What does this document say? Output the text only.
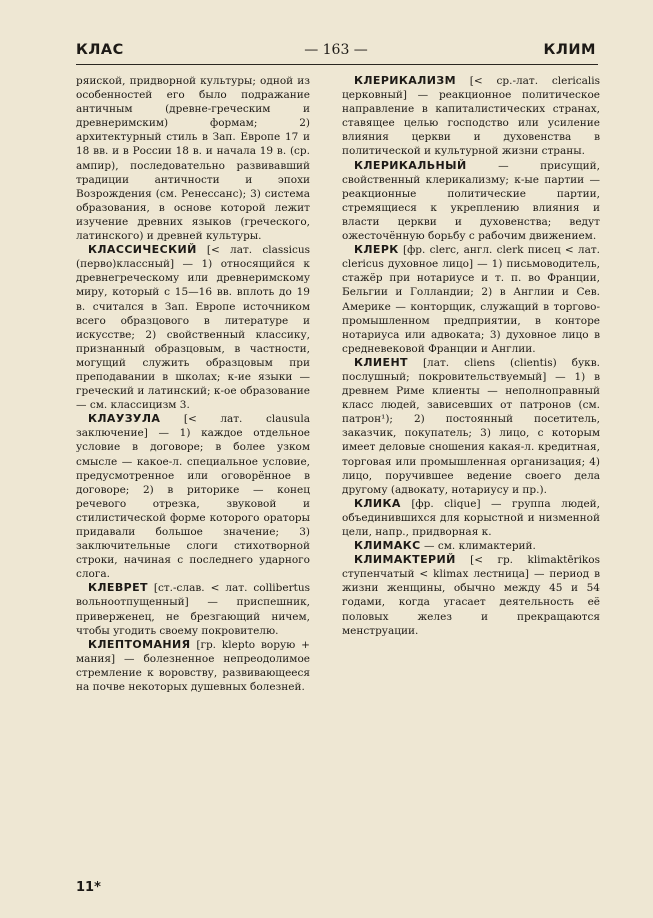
КЛАС	— 163 —	КЛИМ

ряиской, придворной культуры; одной из особенностей его было подражание античным (древне-греческим и древнеримским) формам; 2) архитектурный стиль в Зап. Европе 17 и 18 вв. и в России 18 в. и начала 19 в. (ср. ампир), последовательно развивавший традиции античности и эпохи Возрождения (см. Ренессанс); 3) система образования, в основе которой лежит изучение древних языков (греческого, латинского) и древней культуры.

КЛАССИЧЕСКИЙ [< лат. classicus (перво)классный] — 1) относящийся к древнегреческому или древнеримскому миру, который с 15—16 вв. вплоть до 19 в. считался в Зап. Европе источником всего образцового в литературе и искусстве; 2) свойственный классику, признанный образцовым, в частности, могущий служить образцовым при преподавании в школах; к-ие языки — греческий и латинский; к-ое образование — см. классицизм 3.

КЛАУЗУЛА [< лат. clausula заключение] — 1) каждое отдельное условие в договоре; в более узком смысле — какое-л. специальное условие, предусмотренное или оговорённое в договоре; 2) в риторике — конец речевого отрезка, звуковой и стилистической форме которого ораторы придавали большое значение; 3) заключительные слоги стихотворной строки, начиная с последнего ударного слога.

КЛЕВРЕТ [ст.-слав. < лат. collibertus вольноотпущенный] — приспешник, приверженец, не брезгающий ничем, чтобы угодить своему покровителю.

КЛЕПТОМАНИЯ [гр. klepto ворую + мания] — болезненное непреодолимое стремление к воровству, развивающееся на почве некоторых душевных болезней.

КЛЕРИКАЛИЗМ [< ср.-лат. clericalis церковный] — реакционное политическое направление в капиталистических странах, ставящее целью господство или усиление влияния церкви и духовенства в политической и культурной жизни страны.

КЛЕРИКАЛЬНЫЙ	— присущий, свойственный клерикализму; к-ые партии — реакционные политические партии, стремящиеся к укреплению влияния и власти церкви и духовенства; ведут ожесточённую борьбу с рабочим движением.

КЛЕРК [фр. clerc, англ. clerk писец < лат. clericus духовное лицо] — 1) письмоводитель, стажёр при нотариусе и т. п. во Франции, Бельгии и Голландии; 2) в Англии и Сев. Америке — конторщик, служащий в торгово-промышленном предприятии, в конторе нотариуса или адвоката; 3) духовное лицо в средневековой Франции и Англии.

КЛИЕНТ [лат. cliens (clientis) букв. послушный; покровительствуемый] — 1) в древнем Риме клиенты — неполноправный класс людей, зависевших от патронов (см. патрон¹); 2) постоянный посетитель, заказчик, покупатель; 3) лицо, с которым имеет деловые сношения какая-л. кредитная, торговая или промышленная организация; 4) лицо, поручившее ведение своего дела другому (адвокату, нотариусу и пр.).

КЛИКА [фр. clique] — группа людей, объединившихся для корыстной и низменной цели, напр., придворная к.

КЛИМАКС — см. климактерий.

КЛИМАКТЕРИЙ [< гр. klimaktērikos ступенчатый < klimax лестница] — период в жизни женщины, обычно между 45 и 54 годами, когда угасает деятельность её половых желез и прекращаются менструации.

11*
